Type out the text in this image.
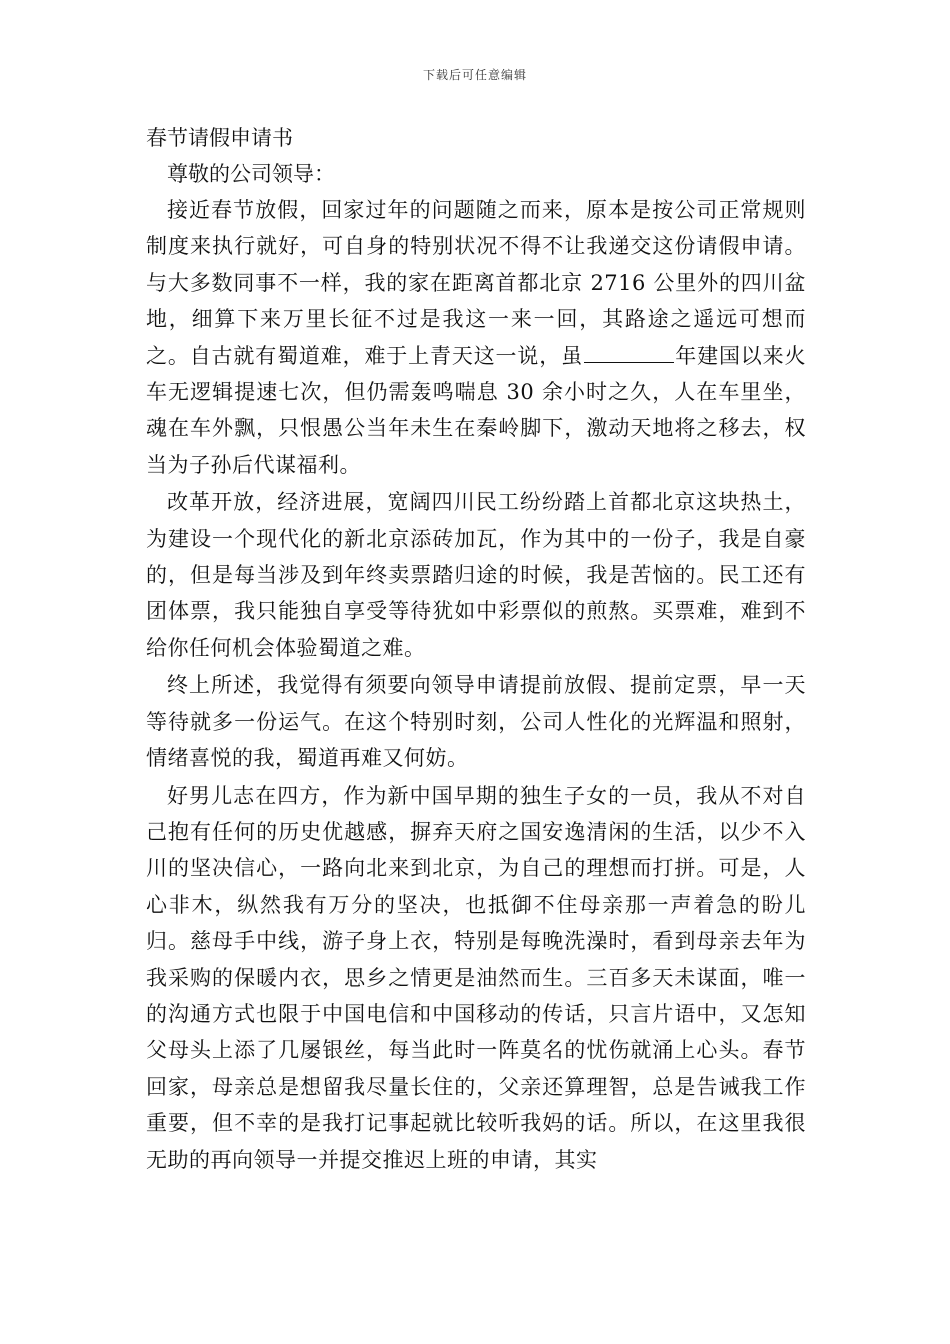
下载后可任意编辑

春节请假申请书

尊敬的公司领导：

接近春节放假，回家过年的问题随之而来，原本是按公司正常规则制度来执行就好，可自身的特别状况不得不让我递交这份请假申请。与大多数同事不一样，我的家在距离首都北京 2716 公里外的四川盆地，细算下来万里长征不过是我这一来一回，其路途之遥远可想而之。自古就有蜀道难，难于上青天这一说，虽	年建国以来火车无逻辑提速七次，但仍需轰鸣喘息 30 余小时之久，人在车里坐，魂在车外飘，只恨愚公当年未生在秦岭脚下，激动天地将之移去，权当为子孙后代谋福利。

改革开放，经济进展，宽阔四川民工纷纷踏上首都北京这块热土，为建设一个现代化的新北京添砖加瓦，作为其中的一份子，我是自豪的，但是每当涉及到年终卖票踏归途的时候，我是苦恼的。民工还有团体票，我只能独自享受等待犹如中彩票似的煎熬。买票难，难到不给你任何机会体验蜀道之难。

终上所述，我觉得有须要向领导申请提前放假、提前定票，早一天等待就多一份运气。在这个特别时刻，公司人性化的光辉温和照射，情绪喜悦的我，蜀道再难又何妨。

好男儿志在四方，作为新中国早期的独生子女的一员，我从不对自己抱有任何的历史优越感，摒弃天府之国安逸清闲的生活，以少不入川的坚决信心，一路向北来到北京，为自己的理想而打拼。可是，人心非木，纵然我有万分的坚决，也抵御不住母亲那一声着急的盼儿归。慈母手中线，游子身上衣，特别是每晚洗澡时，看到母亲去年为我采购的保暖内衣，思乡之情更是油然而生。三百多天未谋面，唯一的沟通方式也限于中国电信和中国移动的传话，只言片语中，又怎知父母头上添了几屡银丝，每当此时一阵莫名的忧伤就涌上心头。春节回家，母亲总是想留我尽量长住的，父亲还算理智，总是告诫我工作重要，但不幸的是我打记事起就比较听我妈的话。所以，在这里我很无助的再向领导一并提交推迟上班的申请，其实
